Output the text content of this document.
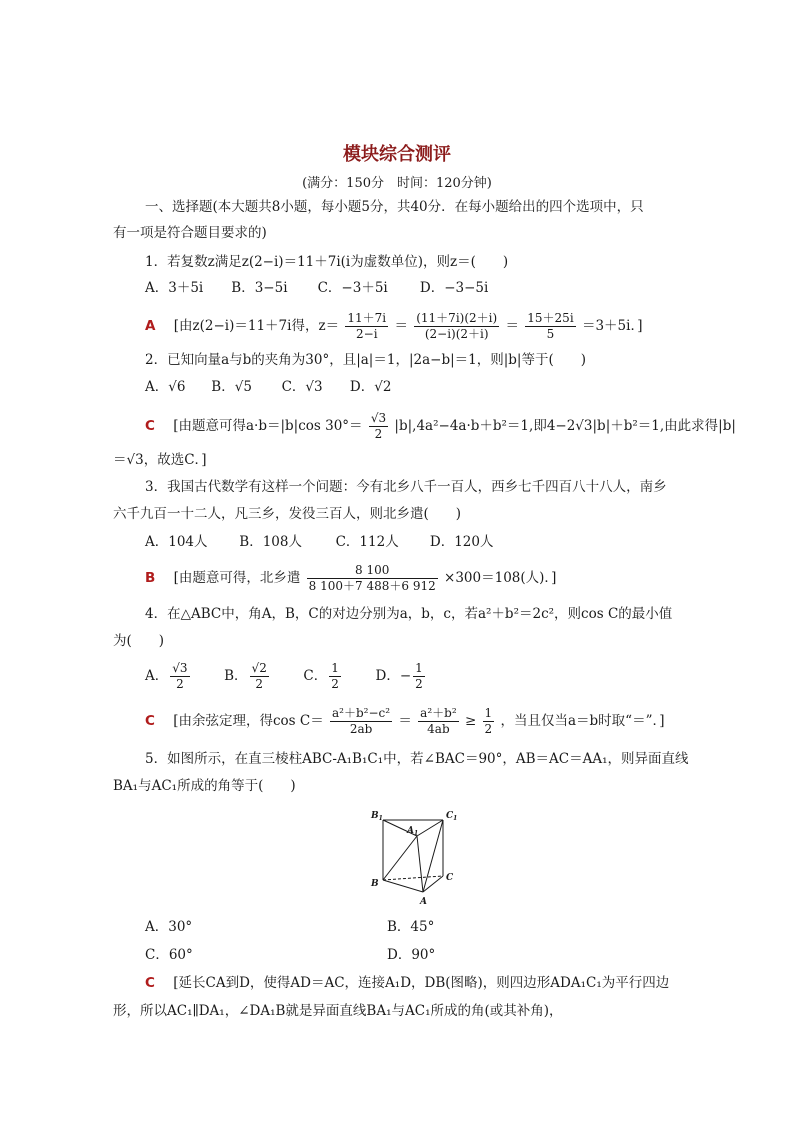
模块综合测评
(满分：150分　时间：120分钟)
一、选择题(本大题共8小题，每小题5分，共40分．在每小题给出的四个选项中，只
有一项是符合题目要求的)
1．若复数z满足z(2−i)＝11＋7i(i为虚数单位)，则z＝(　　)
A．3＋5i B．3−5i C．−3＋5i D．−3−5i
A [由z(2−i)＝11＋7i得，$z= \frac{11+7i}{2-i} = \frac{(11+7i)(2+i)}{(2-i)(2+i)} = \frac{15+25i}{5} =3+5i$．]
2．已知向量a与b的夹角为30°，且|a|＝1，|2a−b|＝1，则|b|等于(　　)
A．√6 B．√5 C．√3 D．√2
C [由题意可得a·b＝|b|cos $30^\circ= \frac{√3}{2} |b|,4a^2-4a\cdot b+b^2=1$,即4−2√3|b|＋b²＝1,由此求得|b|
＝√3，故选C．]
3．我国古代数学有这样一个问题：今有北乡八千一百人，西乡七千四百八十八人，南乡
六千九百一十二人，凡三乡，发役三百人，则北乡遣(　　)
A．104人 B．108人 C．112人 D．120人
B [由题意可得，北乡遣 $\frac{8 100}{8 100+7 488+6 912} \times 300=108$(人)．]
4．在△ABC中，角A，B，C的对边分别为a，b，c，若a²＋b²＝2c²，则cos C的最小值
为(　　)
A． $\frac{√3}{2}$	B． $\frac{√2}{2}$	C． $\frac{1}{2}$	D．− $\frac{1}{2}$
C [由余弦定理，得$\cos C= \frac{\text{a²＋b²−c²}}{2ab} = \frac{\text{a²＋b²}}{4ab} \ge \frac{1}{2}$ ，当且仅当a＝b时取“＝”．]
5．如图所示，在直三棱柱ABC-A₁B₁C₁中，若∠BAC＝90°，AB＝AC＝AA₁，则异面直线
BA₁与AC₁所成的角等于(　　)
$B_1$	$C_1$
$A_1$
B
C
A
A．30°	B．45°
C．60°	D．90°
C [延长CA到D，使得AD＝AC，连接A₁D，DB(图略)，则四边形ADA₁C₁为平行四边
形，所以AC₁∥DA₁，∠DA₁B就是异面直线BA₁与AC₁所成的角(或其补角)，
